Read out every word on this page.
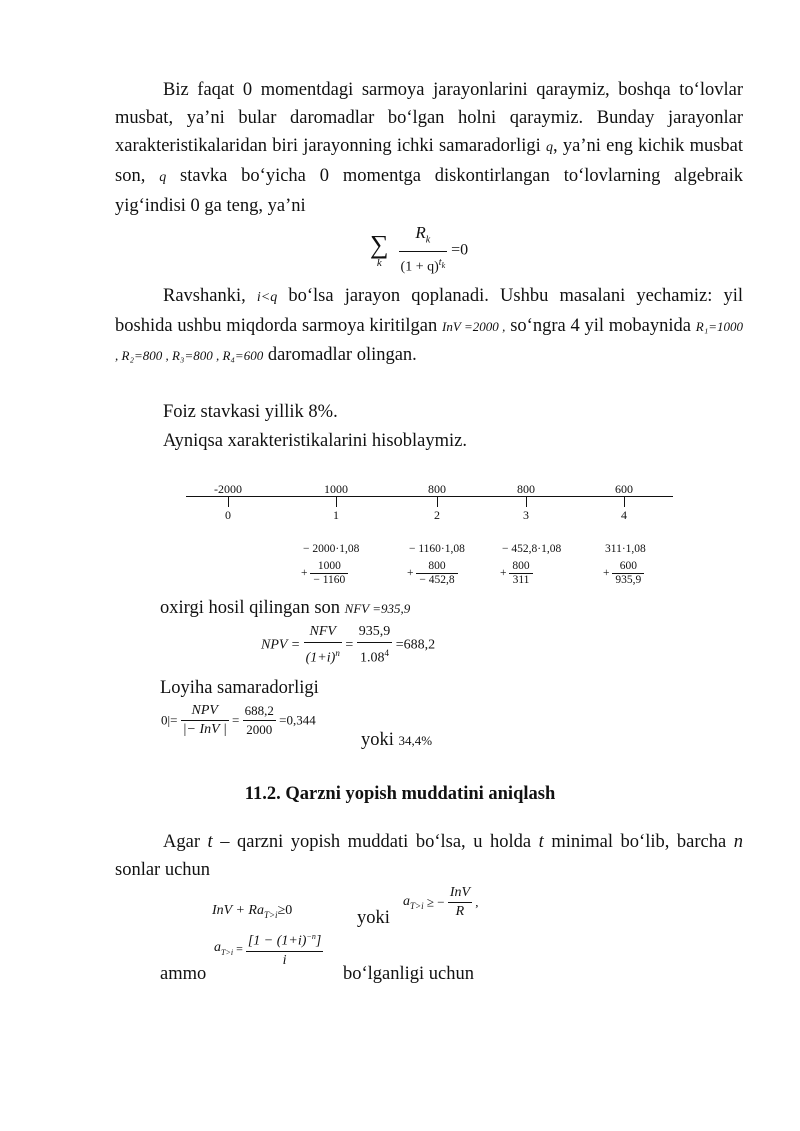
Biz faqat 0 momentdagi sarmoya jarayonlarini qaraymiz, boshqa to‘lovlar musbat, ya’ni bular daromadlar bo‘lgan holni qaraymiz. Bunday jarayonlar xarakteristikalaridan biri jarayonning ichki samaradorligi q, ya’ni eng kichik musbat son, q stavka bo‘yicha 0 momentga diskontirlangan to‘lovlarning algebraik yig‘indisi 0 ga teng, ya’ni
∑
k
$\frac{R_k}{(1 + q)^{t_k}} =0$
Ravshanki, i<q bo‘lsa jarayon qoplanadi. Ushbu masalani yechamiz: yil boshida ushbu miqdorda sarmoya kiritilgan InV =2000 , so‘ngra 4 yil mobaynida R₁=1000 , R₂=800 , R₃=800 , R₄=600 daromadlar olingan.
Foiz stavkasi yillik 8%.
Ayniqsa xarakteristikalarini hisoblaymiz.
-2000	1000	800	800	600
0	1	2	3	4
− 2000·1,08
+ $\frac{1000}{- 1160}$
− 1160·1,08
+ $\frac{800}{- 452,8}$
− 452,8·1,08
+ $\frac{800}{311}$
311·1,08
+ $\frac{600}{935,9}$
oxirgi hosil qilingan son NFV =935,9
NPV = $\frac{\text{NFV}}{(1+i)^n} = \frac{935,9}{1.08^4} =688,2$
Loyiha samaradorligi
$0|= \frac{\text{NPV}}{\text{|− InV |}} = \frac{688,2}{2000} =0,344$
yoki 34,4%
11.2. Qarzni yopish muddatini aniqlash
Agar t – qarzni yopish muddati bo‘lsa, u holda t minimal bo‘lib, barcha n sonlar uchun
InV + $Ra_{T>i}\ge 0$	yoki
$a_{T>i}$ ≥ − $\frac{\text{InV}}{R}$ ,
ammo
$a_{T>i} = \frac{[1 - (1+i)^{-n}]}{i}$
bo‘lganligi uchun
